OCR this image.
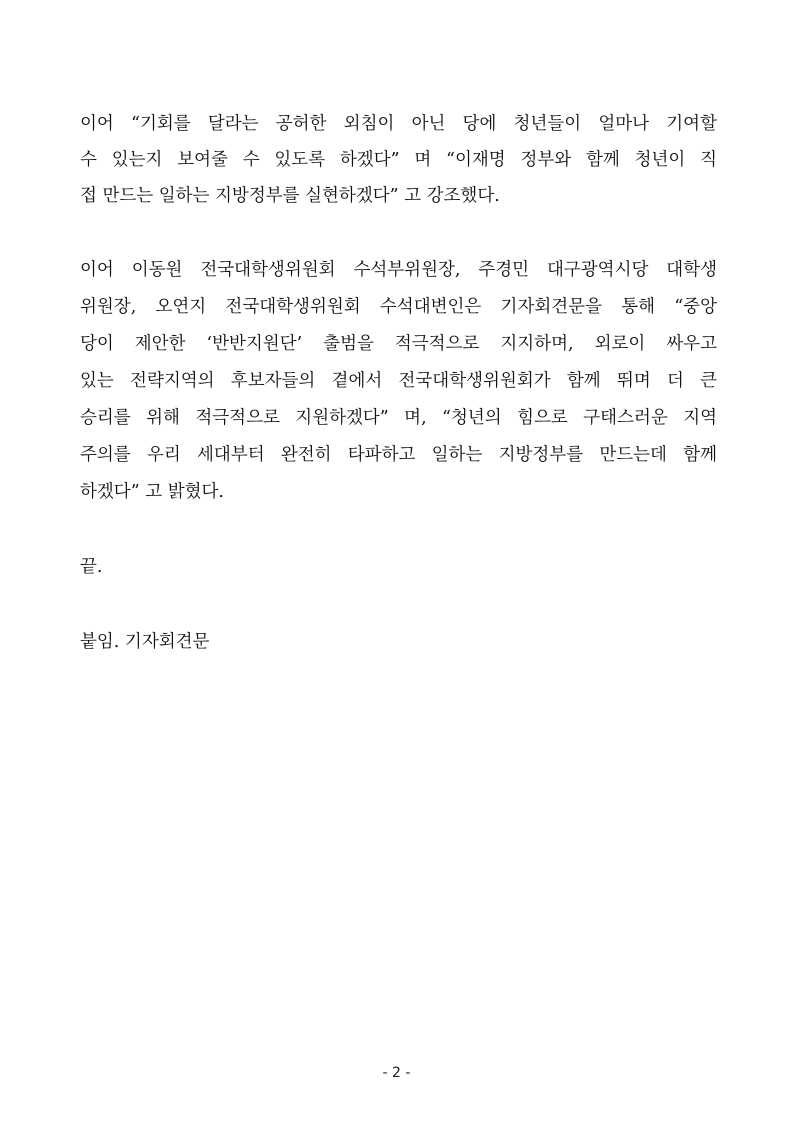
이어 “기회를 달라는 공허한 외침이 아닌 당에 청년들이 얼마나 기여할
수 있는지 보여줄 수 있도록 하겠다” 며 “이재명 정부와 함께 청년이 직
접 만드는 일하는 지방정부를 실현하겠다” 고 강조했다.
이어 이동원 전국대학생위원회 수석부위원장, 주경민 대구광역시당 대학생
위원장, 오연지 전국대학생위원회 수석대변인은 기자회견문을 통해 “중앙
당이 제안한 ‘반반지원단’ 출범을 적극적으로 지지하며, 외로이 싸우고
있는 전략지역의 후보자들의 곁에서 전국대학생위원회가 함께 뛰며 더 큰
승리를 위해 적극적으로 지원하겠다” 며, “청년의 힘으로 구태스러운 지역
주의를 우리 세대부터 완전히 타파하고 일하는 지방정부를 만드는데 함께
하겠다” 고 밝혔다.
끝.
붙임. 기자회견문
- 2 -
